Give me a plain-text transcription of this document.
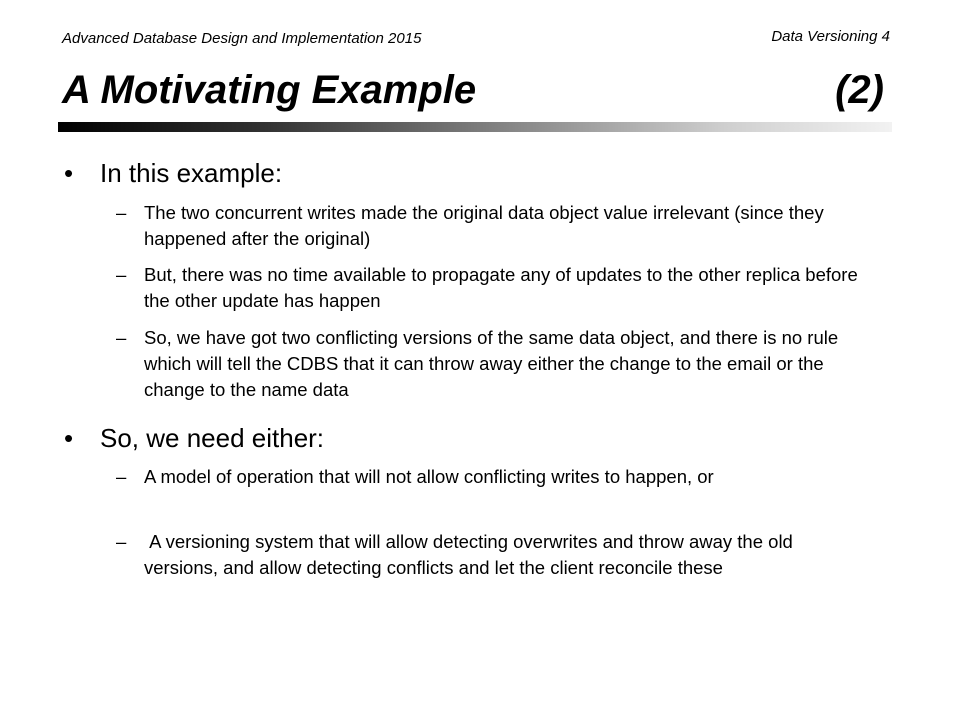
Advanced Database Design and Implementation 2015	Data Versioning 4
A Motivating Example	(2)
•	In this example:
– The two concurrent writes made the original data object value irrelevant (since they happened after the original)
– But, there was no time available to propagate any of updates to the other replica before the other update has happen
– So, we have got two conflicting versions of the same data object, and there is no rule which will tell the CDBS that it can throw away either the change to the email or the change to the name data
•	So, we need either:
– A model of operation that will not allow conflicting writes to happen, or
– A versioning system that will allow detecting overwrites and throw away the old versions, and allow detecting conflicts and let the client reconcile these
